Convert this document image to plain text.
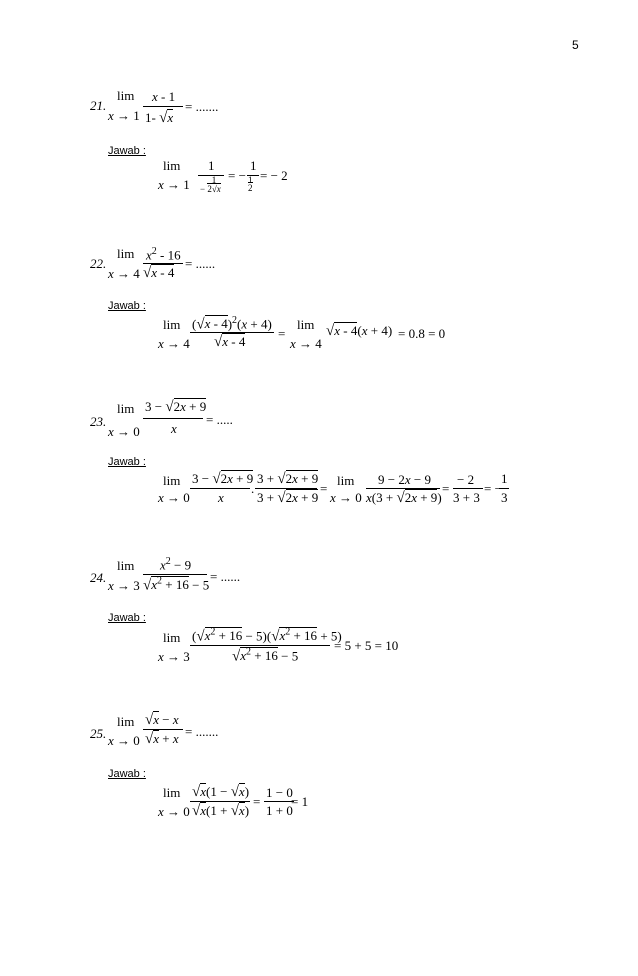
5
21.
lim
x → 1
x - 1
1- √x
= .......
Jawab :
lim
x → 1
1
− $\frac{1}{2√x}$
= −
1
1
2
= − 2
22.
lim
x → 4
$x^2 - 16$
√x - 4
= ......
Jawab :
lim
x → 4
(√x - 4)$^2$(x + 4)
√x - 4
=
lim
x → 4
√x - 4(x + 4) = 0.8 = 0
23.
lim
x → 0
3 − √2x + 9
x
= .....
Jawab :
lim
x → 0
3 − √2x + 9
x
.
3 + √2x + 9
3 + √2x + 9
=
lim
x → 0
9 − 2x − 9
x(3 + √2x + 9)
=
− 2
3 + 3
= −
1
3
24.
lim
x → 3
$x^2 - 9$
$√x^2 + 16 - 5$
= ......
Jawab :
lim
x → 3
$(√x^2 + 16 - 5)(√x^2 + 16 + 5)$
$√x^2 + 16 - 5$
= 5 + 5 = 10
25.
lim
x → 0
√x − x
√x + x = .......
Jawab :
lim
x → 0
√x(1 − √x)
√x(1 + √x)
=
1 − 0
1 + 0
= 1
